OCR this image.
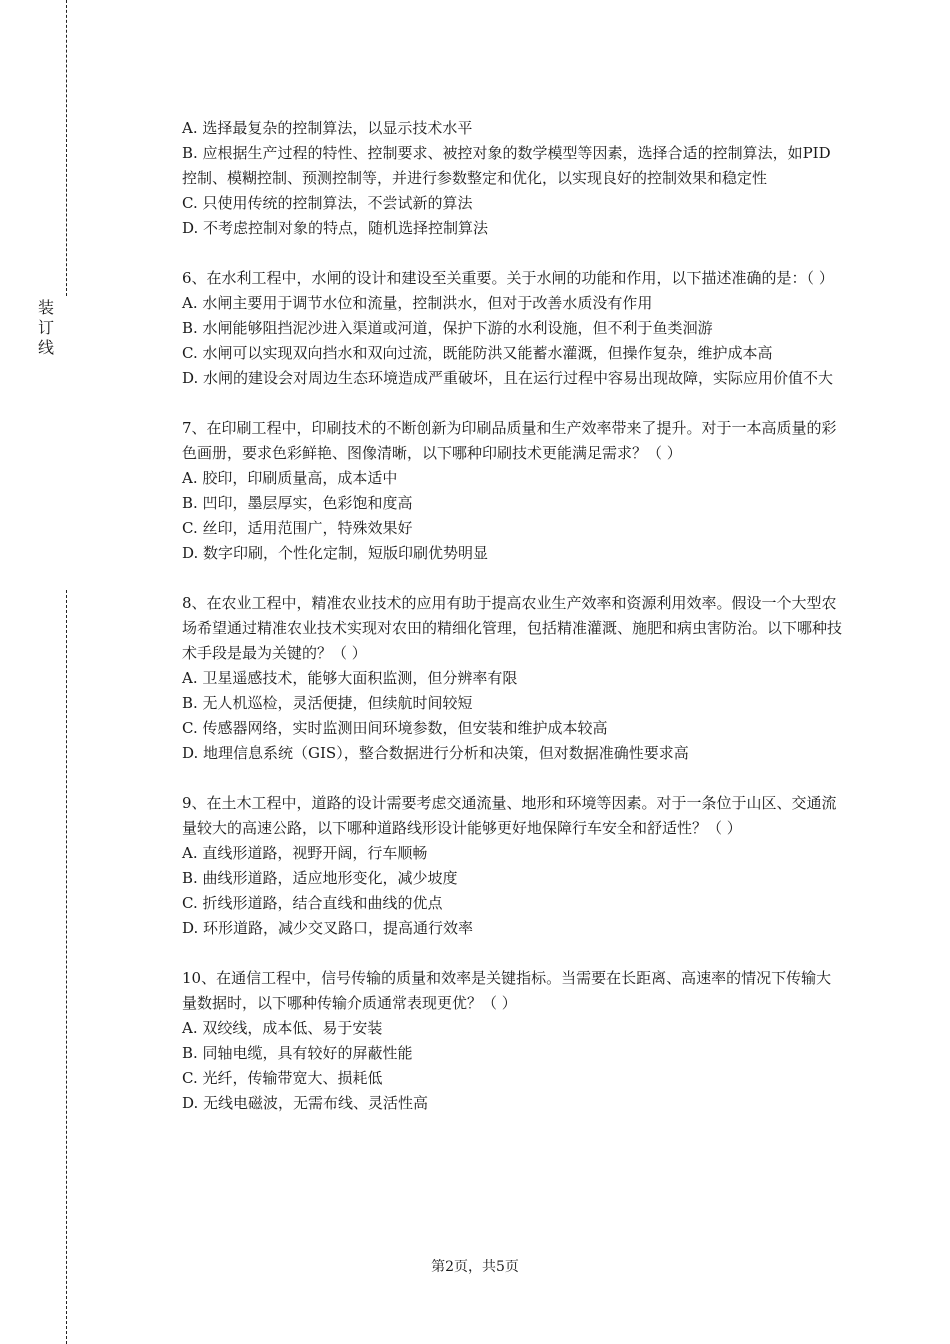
装
订
线

A. 选择最复杂的控制算法，以显示技术水平

B. 应根据生产过程的特性、控制要求、被控对象的数学模型等因素，选择合适的控制算法，如PID控制、模糊控制、预测控制等，并进行参数整定和优化，以实现良好的控制效果和稳定性

C. 只使用传统的控制算法，不尝试新的算法

D. 不考虑控制对象的特点，随机选择控制算法

6、在水利工程中，水闸的设计和建设至关重要。关于水闸的功能和作用，以下描述准确的是：（ ）

A. 水闸主要用于调节水位和流量，控制洪水，但对于改善水质没有作用

B. 水闸能够阻挡泥沙进入渠道或河道，保护下游的水利设施，但不利于鱼类洄游

C. 水闸可以实现双向挡水和双向过流，既能防洪又能蓄水灌溉，但操作复杂，维护成本高

D. 水闸的建设会对周边生态环境造成严重破坏，且在运行过程中容易出现故障，实际应用价值不大

7、在印刷工程中，印刷技术的不断创新为印刷品质量和生产效率带来了提升。对于一本高质量的彩色画册，要求色彩鲜艳、图像清晰，以下哪种印刷技术更能满足需求？（ ）

A. 胶印，印刷质量高，成本适中

B. 凹印，墨层厚实，色彩饱和度高

C. 丝印，适用范围广，特殊效果好

D. 数字印刷，个性化定制，短版印刷优势明显

8、在农业工程中，精准农业技术的应用有助于提高农业生产效率和资源利用效率。假设一个大型农场希望通过精准农业技术实现对农田的精细化管理，包括精准灌溉、施肥和病虫害防治。以下哪种技术手段是最为关键的？（ ）

A. 卫星遥感技术，能够大面积监测，但分辨率有限

B. 无人机巡检，灵活便捷，但续航时间较短

C. 传感器网络，实时监测田间环境参数，但安装和维护成本较高

D. 地理信息系统（GIS），整合数据进行分析和决策，但对数据准确性要求高

9、在土木工程中，道路的设计需要考虑交通流量、地形和环境等因素。对于一条位于山区、交通流量较大的高速公路，以下哪种道路线形设计能够更好地保障行车安全和舒适性？（ ）

A. 直线形道路，视野开阔，行车顺畅

B. 曲线形道路，适应地形变化，减少坡度

C. 折线形道路，结合直线和曲线的优点

D. 环形道路，减少交叉路口，提高通行效率

10、在通信工程中，信号传输的质量和效率是关键指标。当需要在长距离、高速率的情况下传输大量数据时，以下哪种传输介质通常表现更优？（ ）

A. 双绞线，成本低、易于安装

B. 同轴电缆，具有较好的屏蔽性能

C. 光纤，传输带宽大、损耗低

D. 无线电磁波，无需布线、灵活性高

第2页，共5页
